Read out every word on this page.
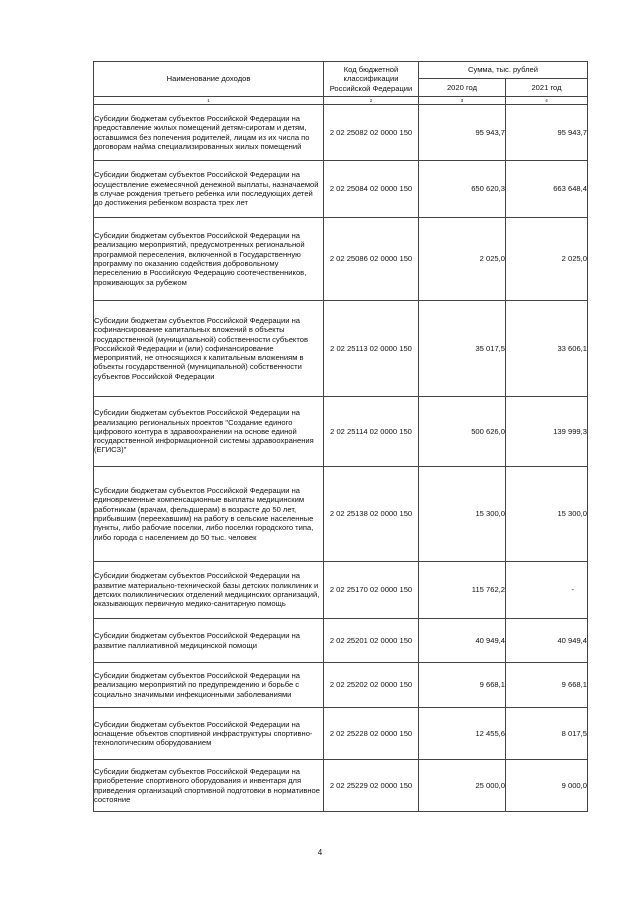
Наименование доходов	Код бюджетной классификации Российской Федерации	Сумма, тыс. рублей	
		2020 год	2021 год
1	2	3	4
Субсидии бюджетам субъектов Российской Федерации на предоставление жилых помещений детям-сиротам и детям, оставшимся без попечения родителей, лицам из их числа по договорам найма специализированных жилых помещений	2 02 25082 02 0000 150	95 943,7	95 943,7
Субсидии бюджетам субъектов Российской Федерации на осуществление ежемесячной денежной выплаты, назначаемой в случае рождения третьего ребенка или последующих детей до достижения ребенком возраста трех лет	2 02 25084 02 0000 150	650 620,3	663 648,4
Субсидии бюджетам субъектов Российской Федерации на реализацию мероприятий, предусмотренных региональной программой переселения, включенной в Государственную программу по оказанию содействия добровольному переселению в Российскую Федерацию соотечественников, проживающих за рубежом	2 02 25086 02 0000 150	2 025,0	2 025,0
Субсидии бюджетам субъектов Российской Федерации на софинансирование капитальных вложений в объекты государственной (муниципальной) собственности субъектов Российской Федерации и (или) софинансирование мероприятий, не относящихся к капитальным вложениям в объекты государственной (муниципальной) собственности субъектов Российской Федерации	2 02 25113 02 0000 150	35 017,5	33 606,1
Субсидии бюджетам субъектов Российской Федерации на реализацию региональных проектов "Создание единого цифрового контура в здравоохранении на основе единой государственной информационной системы здравоохранения (ЕГИСЗ)"	2 02 25114 02 0000 150	500 626,0	139 999,3
Субсидии бюджетам субъектов Российской Федерации на единовременные компенсационные выплаты медицинским работникам (врачам, фельдшерам) в возрасте до 50 лет, прибывшим (переехавшим) на работу в сельские населенные пункты, либо рабочие поселки, либо поселки городского типа, либо города с населением до 50 тыс. человек	2 02 25138 02 0000 150	15 300,0	15 300,0
Субсидии бюджетам субъектов Российской Федерации на развитие материально-технической базы детских поликлиник и детских поликлинических отделений медицинских организаций, оказывающих первичную медико-санитарную помощь	2 02 25170 02 0000 150	115 762,2	-
Субсидии бюджетам субъектов Российской Федерации на развитие паллиативной медицинской помощи	2 02 25201 02 0000 150	40 949,4	40 949,4
Субсидии бюджетам субъектов Российской Федерации на реализацию мероприятий по предупреждению и борьбе с социально значимыми инфекционными заболеваниями	2 02 25202 02 0000 150	9 668,1	9 668,1
Субсидии бюджетам субъектов Российской Федерации на оснащение объектов спортивной инфраструктуры спортивно-технологическим оборудованием	2 02 25228 02 0000 150	12 455,6	8 017,5
Субсидии бюджетам субъектов Российской Федерации на приобретение спортивного оборудования и инвентаря для приведения организаций спортивной подготовки в нормативное состояние	2 02 25229 02 0000 150	25 000,0	9 000,0
4
